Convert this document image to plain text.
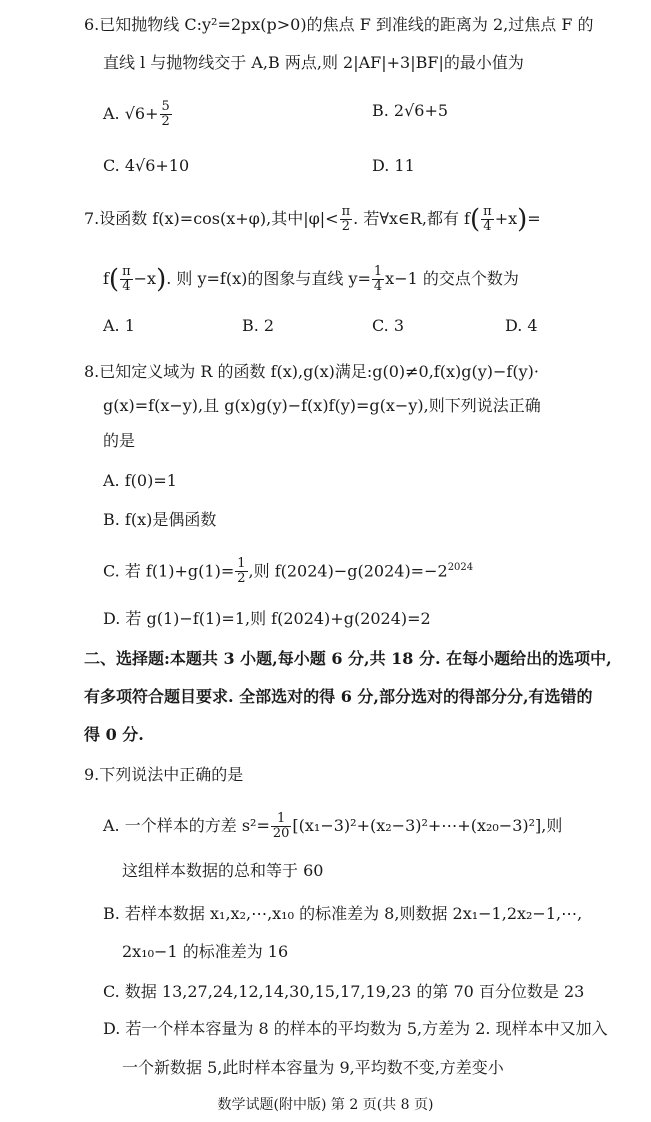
6.已知抛物线 C:y²=2px(p>0)的焦点 F 到准线的距离为 2,过焦点 F 的
直线 l 与抛物线交于 A,B 两点,则 2|AF|+3|BF|的最小值为
A. $√6+ \frac{5}{2}$	B. 2√6+5
C. 4√6+10	D. 11
7.设函数 f(x)=cos(x+φ),其中$|\varphi|< \frac{\pi}{2}$ . 若∀x∈R,都有 $f( \frac{\pi}{4} +x)=$
$f( \frac{\pi}{4} -x)$. 则 y=f(x)的图象与直线 $y= \frac{1}{4} x-1$ 的交点个数为
A. 1	B. 2	C. 3	D. 4
8.已知定义域为 R 的函数 f(x),g(x)满足:g(0)≠0,f(x)g(y)−f(y)·
g(x)=f(x−y),且 g(x)g(y)−f(x)f(y)=g(x−y),则下列说法正确
的是
A. f(0)=1
B. f(x)是偶函数
C. 若 $f(1)+g(1)= \frac{1}{2}$ ,则 $f(2024)-g(2024)=-2^{2024}$
D. 若 g(1)−f(1)=1,则 f(2024)+g(2024)=2
二、选择题:本题共 3 小题,每小题 6 分,共 18 分. 在每小题给出的选项中,
有多项符合题目要求. 全部选对的得 6 分,部分选对的得部分分,有选错的
得 0 分.
9.下列说法中正确的是
A. 一个样本的方差 $s^2= \frac{1}{20}$ [(x₁−3)²+(x₂−3)²+⋯+(x₂₀−3)²],则
这组样本数据的总和等于 60
B. 若样本数据 x₁,x₂,⋯,x₁₀ 的标准差为 8,则数据 2x₁−1,2x₂−1,⋯,
2x₁₀−1 的标准差为 16
C. 数据 13,27,24,12,14,30,15,17,19,23 的第 70 百分位数是 23
D. 若一个样本容量为 8 的样本的平均数为 5,方差为 2. 现样本中又加入
一个新数据 5,此时样本容量为 9,平均数不变,方差变小
数学试题(附中版) 第 2 页(共 8 页)
